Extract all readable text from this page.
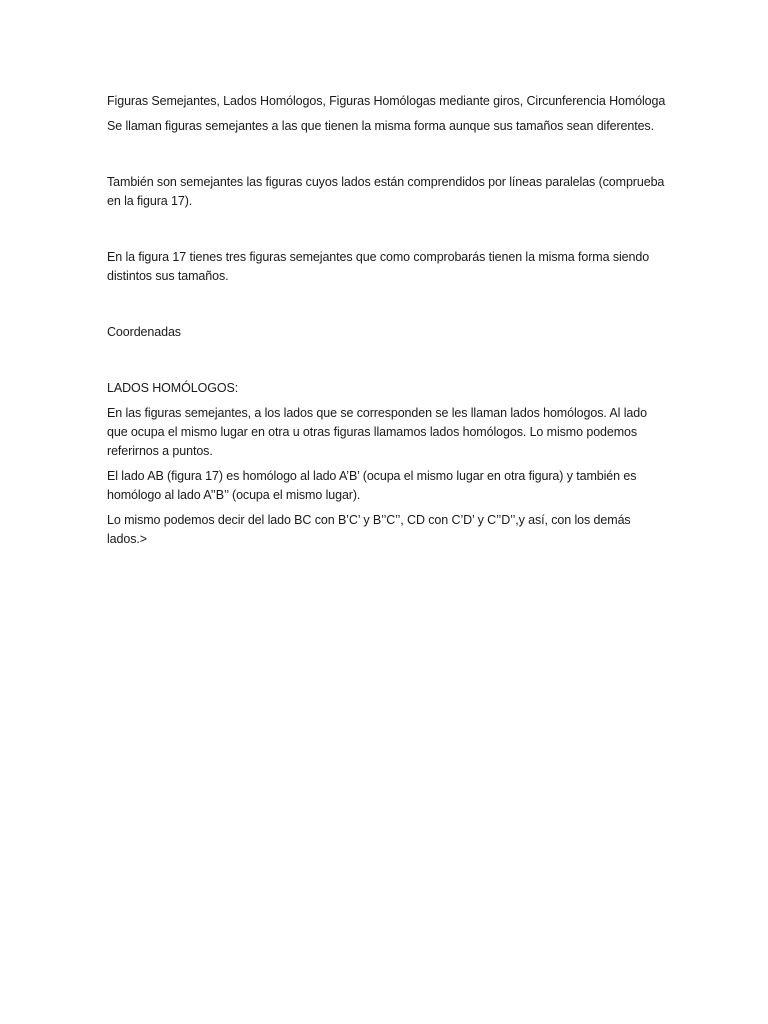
Figuras Semejantes, Lados Homólogos, Figuras Homólogas mediante giros, Circunferencia Homóloga

Se llaman figuras semejantes a las que tienen la misma forma aunque sus tamaños sean diferentes.

También son semejantes las figuras cuyos lados están comprendidos por líneas paralelas (comprueba en la figura 17).

En la figura 17 tienes tres figuras semejantes que como comprobarás tienen la misma forma siendo distintos sus tamaños.

Coordenadas

LADOS HOMÓLOGOS:

En las figuras semejantes, a los lados que se corresponden se les llaman lados homólogos. Al lado que ocupa el mismo lugar en otra u otras figuras llamamos lados homólogos. Lo mismo podemos referirnos a puntos.

El lado AB (figura 17) es homólogo al lado A’B’ (ocupa el mismo lugar en otra figura) y también es homólogo al lado A’’B’’ (ocupa el mismo lugar).

Lo mismo podemos decir del lado BC con B’C’ y B’’C’’, CD con C’D’ y C’’D’’,y así, con los demás lados.>
